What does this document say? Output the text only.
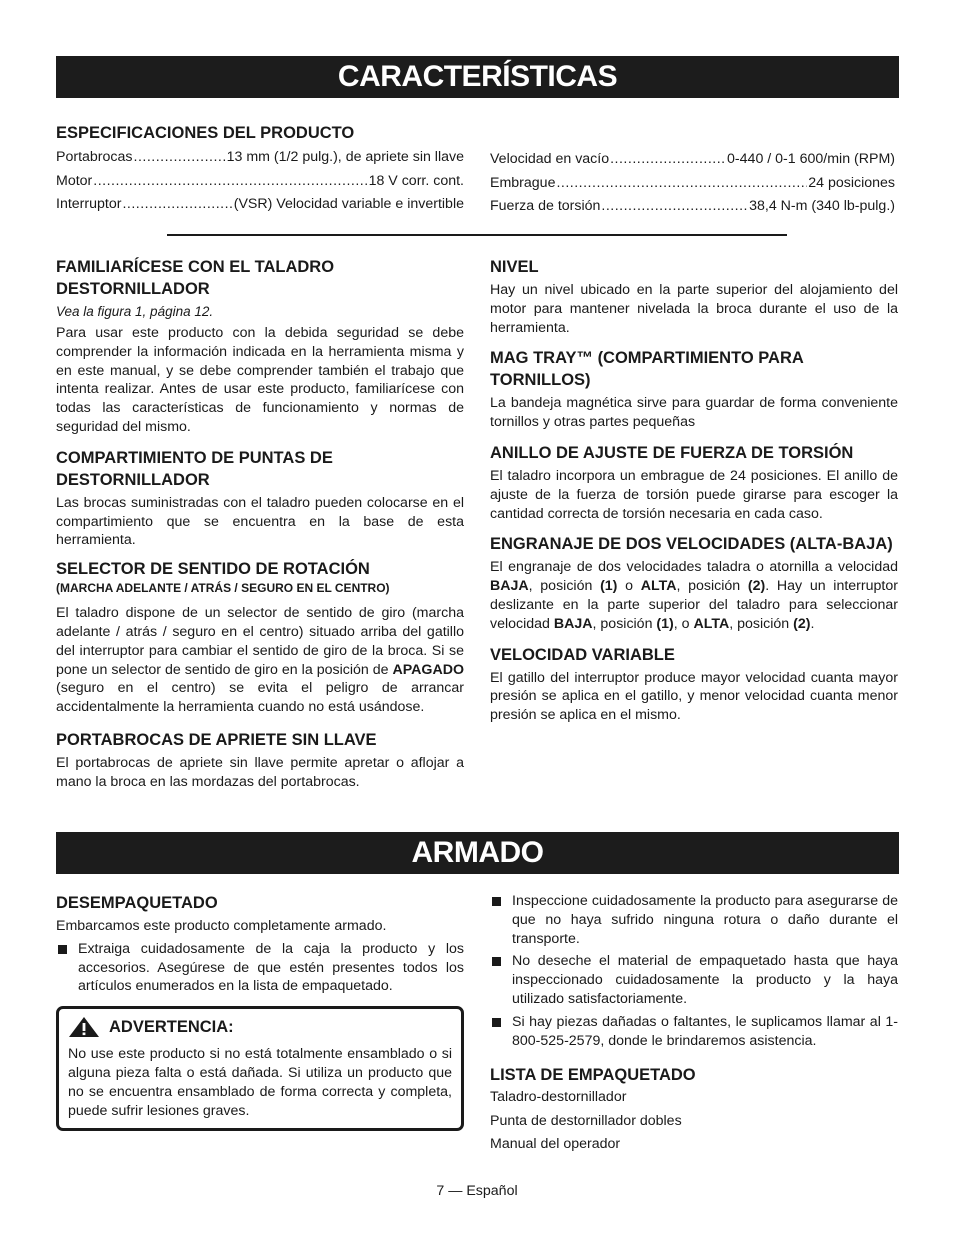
CARACTERÍSTICAS
ESPECIFICACIONES DEL PRODUCTO
Portabrocas .....	13 mm (1/2 pulg.), de apriete sin llave
Motor .....	18 V corr. cont.
Interruptor .....	(VSR) Velocidad variable e invertible
Velocidad en vacío .....	0-440 / 0-1 600/min (RPM)
Embrague .....	24 posiciones
Fuerza de torsión .....	38,4 N-m (340 lb-pulg.)
FAMILIARÍCESE CON EL TALADRO DESTORNILLADOR

Vea la figura 1, página 12.

Para usar este producto con la debida seguridad se debe comprender la información indicada en la herramienta misma y en este manual, y se debe comprender también el trabajo que intenta realizar. Antes de usar este producto, familiarícese con todas las características de funcionamiento y normas de seguridad del mismo.

COMPARTIMIENTO DE PUNTAS DE DESTORNILLADOR

Las brocas suministradas con el taladro pueden colocarse en el compartimiento que se encuentra en la base de esta herramienta.

SELECTOR DE SENTIDO DE ROTACIÓN
(MARCHA ADELANTE / ATRÁS / SEGURO EN EL CENTRO)

El taladro dispone de un selector de sentido de giro (marcha adelante / atrás / seguro en el centro) situado arriba del gatillo del interruptor para cambiar el sentido de giro de la broca. Si se pone un selector de sentido de giro en la posición de APAGADO (seguro en el centro) se evita el peligro de arrancar accidentalmente la herramienta cuando no está usándose.

PORTABROCAS DE APRIETE SIN LLAVE

El portabrocas de apriete sin llave permite apretar o aflojar a mano la broca en las mordazas del portabrocas.

NIVEL

Hay un nivel ubicado en la parte superior del alojamiento del motor para mantener nivelada la broca durante el uso de la herramienta.

MAG TRAY™ (COMPARTIMIENTO PARA TORNILLOS)

La bandeja magnética sirve para guardar de forma conveniente tornillos y otras partes pequeñas

ANILLO DE AJUSTE DE FUERZA DE TORSIÓN

El taladro incorpora un embrague de 24 posiciones. El anillo de ajuste de la fuerza de torsión puede girarse para escoger la cantidad correcta de torsión necesaria en cada caso.

ENGRANAJE DE DOS VELOCIDADES (ALTA-BAJA)

El engranaje de dos velocidades taladra o atornilla a velocidad BAJA, posición (1) o ALTA, posición (2). Hay un interruptor deslizante en la parte superior del taladro para seleccionar velocidad BAJA, posición (1), o ALTA, posición (2).

VELOCIDAD VARIABLE

El gatillo del interruptor produce mayor velocidad cuanta mayor presión se aplica en el gatillo, y menor velocidad cuanta menor presión se aplica en el mismo.

ARMADO
DESEMPAQUETADO

Embarcamos este producto completamente armado.

Extraiga cuidadosamente de la caja la producto y los accesorios. Asegúrese de que estén presentes todos los artículos enumerados en la lista de empaquetado.
ADVERTENCIA:

No use este producto si no está totalmente ensamblado o si alguna pieza falta o está dañada. Si utiliza un producto que no se encuentra ensamblado de forma correcta y completa, puede sufrir lesiones graves.

Inspeccione cuidadosamente la producto para asegurarse de que no haya sufrido ninguna rotura o daño durante el transporte.
No deseche el material de empaquetado hasta que haya inspeccionado cuidadosamente la producto y la haya utilizado satisfactoriamente.
Si hay piezas dañadas o faltantes, le suplicamos llamar al 1-800-525-2579, donde le brindaremos asistencia.
LISTA DE EMPAQUETADO
Taladro-destornillador
Punta de destornillador dobles
Manual del operador
7 — Español
